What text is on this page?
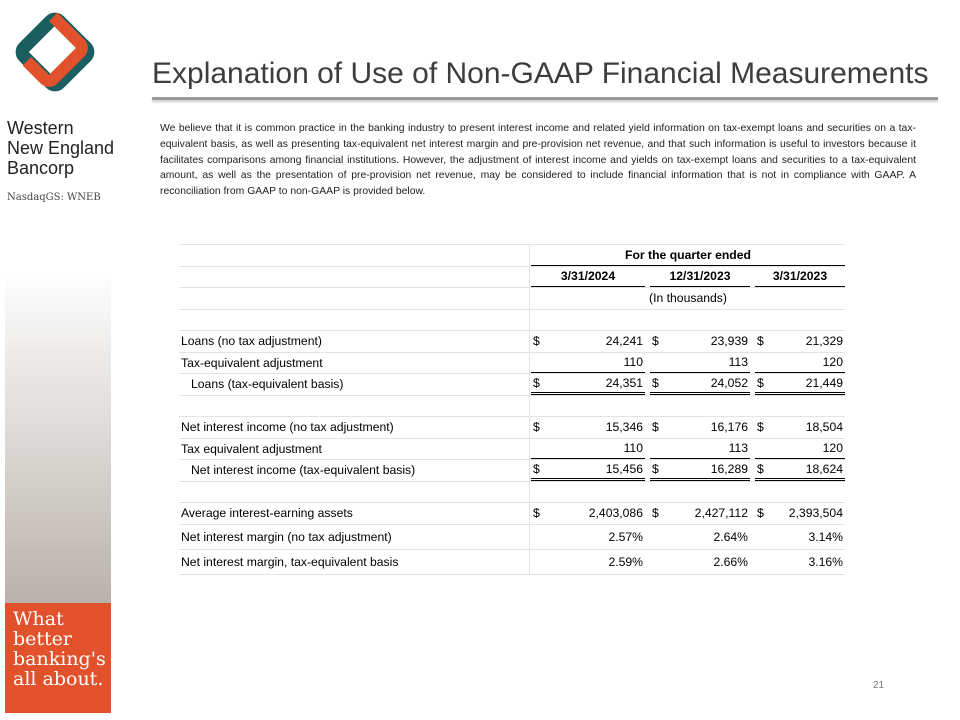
Western
New England
Bancorp
NasdaqGS: WNEB
What
better
banking's
all about.
Explanation of Use of Non-GAAP Financial Measurements
We believe that it is common practice in the banking industry to present interest income and related yield information on tax-exempt loans and securities on a tax-equivalent basis, as well as presenting tax-equivalent net interest margin and pre-provision net revenue, and that such information is useful to investors because it facilitates comparisons among financial institutions. However, the adjustment of interest income and yields on tax-exempt loans and securities to a tax-equivalent amount, as well as the presentation of pre-provision net revenue, may be considered to include financial information that is not in compliance with GAAP. A reconciliation from GAAP to non-GAAP is provided below.
For the quarter ended
3/31/2024	12/31/2023	3/31/2023
(In thousands)
Loans (no tax adjustment)	$	24,241 $	23,939 $	21,329
Tax-equivalent adjustment	110	113	120
Loans (tax-equivalent basis)	$	24,351 $	24,052 $	21,449
Net interest income (no tax adjustment)	$	15,346 $	16,176 $	18,504
Tax equivalent adjustment	110	113	120
Net interest income (tax-equivalent basis)	$	15,456 $	16,289 $	18,624
Average interest-earning assets	$	2,403,086 $	2,427,112 $ 2,393,504
Net interest margin (no tax adjustment)	2.57%	2.64%	3.14%
Net interest margin, tax-equivalent basis	2.59%	2.66%	3.16%
21
